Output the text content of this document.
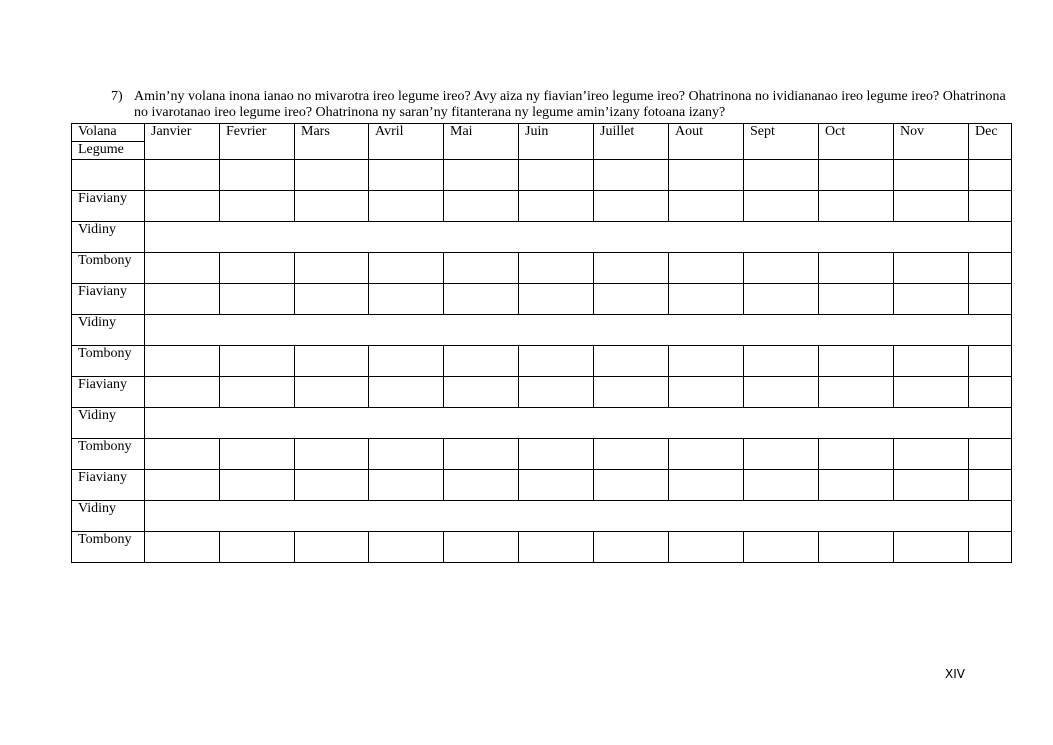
7) Amin’ny volana inona ianao no mivarotra ireo legume ireo? Avy aiza ny fiavian’ireo legume ireo? Ohatrinona no ividiananao ireo legume ireo? Ohatrinona no ivarotanao ireo legume ireo? Ohatrinona ny saran’ny fitanterana ny legume amin’izany fotoana izany?
Volana
Legume	Janvier	Fevrier	Mars	Avril	Mai	Juin	Juillet	Aout	Sept	Oct	Nov	Dec

Fiaviany												
Vidiny												
Tombony												
Fiaviany												
Vidiny												
Tombony												
Fiaviany												
Vidiny												
Tombony												
Fiaviany												
Vidiny												
Tombony												
XIV
